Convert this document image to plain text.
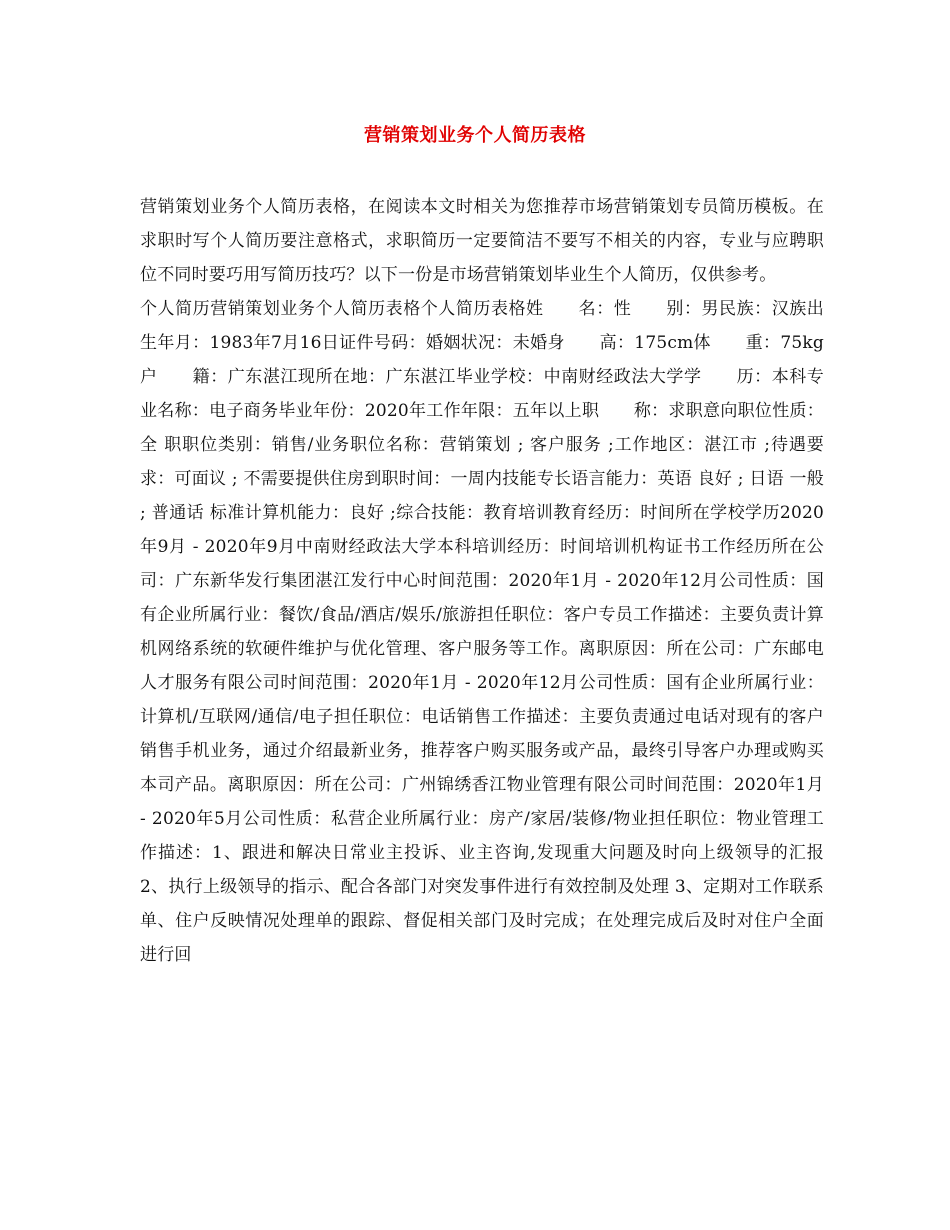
营销策划业务个人简历表格

营销策划业务个人简历表格，在阅读本文时相关为您推荐市场营销策划专员简历模板。在求职时写个人简历要注意格式，求职简历一定要简洁不要写不相关的内容，专业与应聘职位不同时要巧用写简历技巧？以下一份是市场营销策划毕业生个人简历，仅供参考。

个人简历营销策划业务个人简历表格个人简历表格姓　　名：性　　别：男民族：汉族出生年月：1983年7月16日证件号码：婚姻状况：未婚身　　高：175cm体　　重：75kg户　　籍：广东湛江现所在地：广东湛江毕业学校：中南财经政法大学学　　历：本科专业名称：电子商务毕业年份：2020年工作年限：五年以上职　　称：求职意向职位性质：全 职职位类别：销售/业务职位名称：营销策划 ; 客户服务 ;工作地区：湛江市 ;待遇要求：可面议 ; 不需要提供住房到职时间：一周内技能专长语言能力：英语 良好 ; 日语 一般 ; 普通话 标准计算机能力：良好 ;综合技能：教育培训教育经历：时间所在学校学历2020年9月 - 2020年9月中南财经政法大学本科培训经历：时间培训机构证书工作经历所在公司：广东新华发行集团湛江发行中心时间范围：2020年1月 - 2020年12月公司性质：国有企业所属行业：餐饮/食品/酒店/娱乐/旅游担任职位：客户专员工作描述：主要负责计算机网络系统的软硬件维护与优化管理、客户服务等工作。离职原因：所在公司：广东邮电人才服务有限公司时间范围：2020年1月 - 2020年12月公司性质：国有企业所属行业：计算机/互联网/通信/电子担任职位：电话销售工作描述：主要负责通过电话对现有的客户销售手机业务，通过介绍最新业务，推荐客户购买服务或产品，最终引导客户办理或购买本司产品。离职原因：所在公司：广州锦绣香江物业管理有限公司时间范围：2020年1月 - 2020年5月公司性质：私营企业所属行业：房产/家居/装修/物业担任职位：物业管理工作描述：1、跟进和解决日常业主投诉、业主咨询,发现重大问题及时向上级领导的汇报 2、执行上级领导的指示、配合各部门对突发事件进行有效控制及处理 3、定期对工作联系单、住户反映情况处理单的跟踪、督促相关部门及时完成；在处理完成后及时对住户全面进行回
